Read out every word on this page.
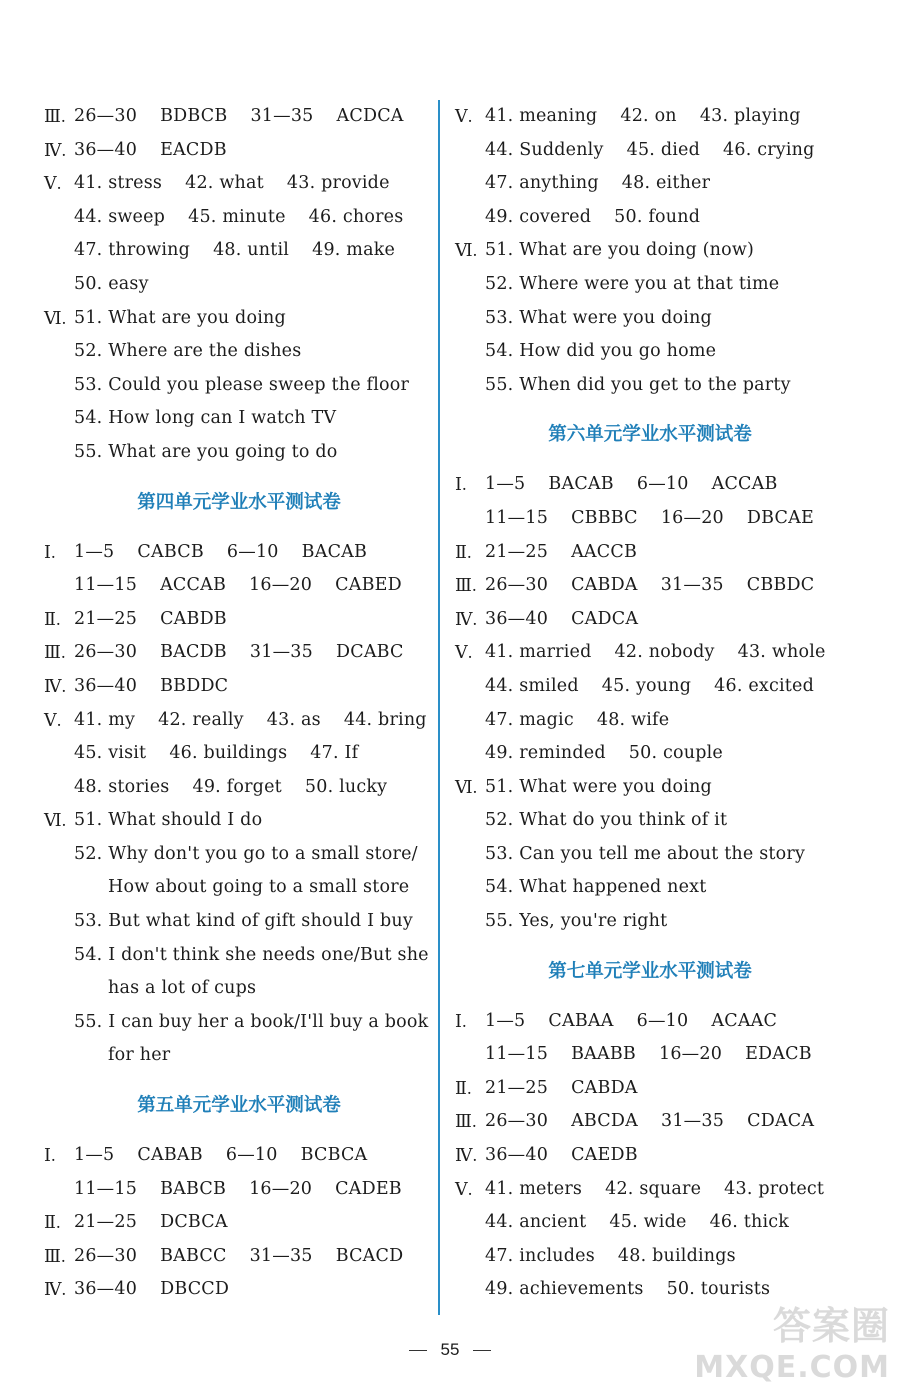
Ⅲ. 26—30    BDBCB    31—35    ACDCA
Ⅳ. 36—40    EACDB
Ⅴ. 41. stress    42. what    43. provide
44. sweep    45. minute    46. chores
47. throwing    48. until    49. make
50. easy
Ⅵ. 51. What are you doing
52. Where are the dishes
53. Could you please sweep the floor
54. How long can I watch TV
55. What are you going to do
第四单元学业水平测试卷
Ⅰ.	1—5    CABCB    6—10    BACAB
11—15    ACCAB    16—20    CABED
Ⅱ. 21—25    CABDB
Ⅲ. 26—30    BACDB    31—35    DCABC
Ⅳ. 36—40    BBDDC
Ⅴ. 41. my    42. really    43. as    44. bring
45. visit    46. buildings    47. If
48. stories    49. forget    50. lucky
Ⅵ. 51. What should I do
52. Why don't you go to a small store/
How about going to a small store
53. But what kind of gift should I buy
54. I don't think she needs one/But she
has a lot of cups
55. I can buy her a book/I'll buy a book
for her
第五单元学业水平测试卷
Ⅰ.	1—5    CABAB    6—10    BCBCA
11—15    BABCB    16—20    CADEB
Ⅱ. 21—25    DCBCA
Ⅲ. 26—30    BABCC    31—35    BCACD
Ⅳ. 36—40    DBCCD
Ⅴ. 41. meaning    42. on    43. playing
44. Suddenly    45. died    46. crying
47. anything    48. either
49. covered    50. found
Ⅵ. 51. What are you doing (now)
52. Where were you at that time
53. What were you doing
54. How did you go home
55. When did you get to the party
第六单元学业水平测试卷
Ⅰ.	1—5    BACAB    6—10    ACCAB
11—15    CBBBC    16—20    DBCAE
Ⅱ. 21—25    AACCB
Ⅲ. 26—30    CABDA    31—35    CBBDC
Ⅳ. 36—40    CADCA
Ⅴ. 41. married    42. nobody    43. whole
44. smiled    45. young    46. excited
47. magic    48. wife
49. reminded    50. couple
Ⅵ. 51. What were you doing
52. What do you think of it
53. Can you tell me about the story
54. What happened next
55. Yes, you're right
第七单元学业水平测试卷
Ⅰ.	1—5    CABAA    6—10    ACAAC
11—15    BAABB    16—20    EDACB
Ⅱ. 21—25    CABDA
Ⅲ. 26—30    ABCDA    31—35    CDACA
Ⅳ. 36—40    CAEDB
Ⅴ. 41. meters    42. square    43. protect
44. ancient    45. wide    46. thick
47. includes    48. buildings
49. achievements    50. tourists
55
答案圈
MXQE.COM
